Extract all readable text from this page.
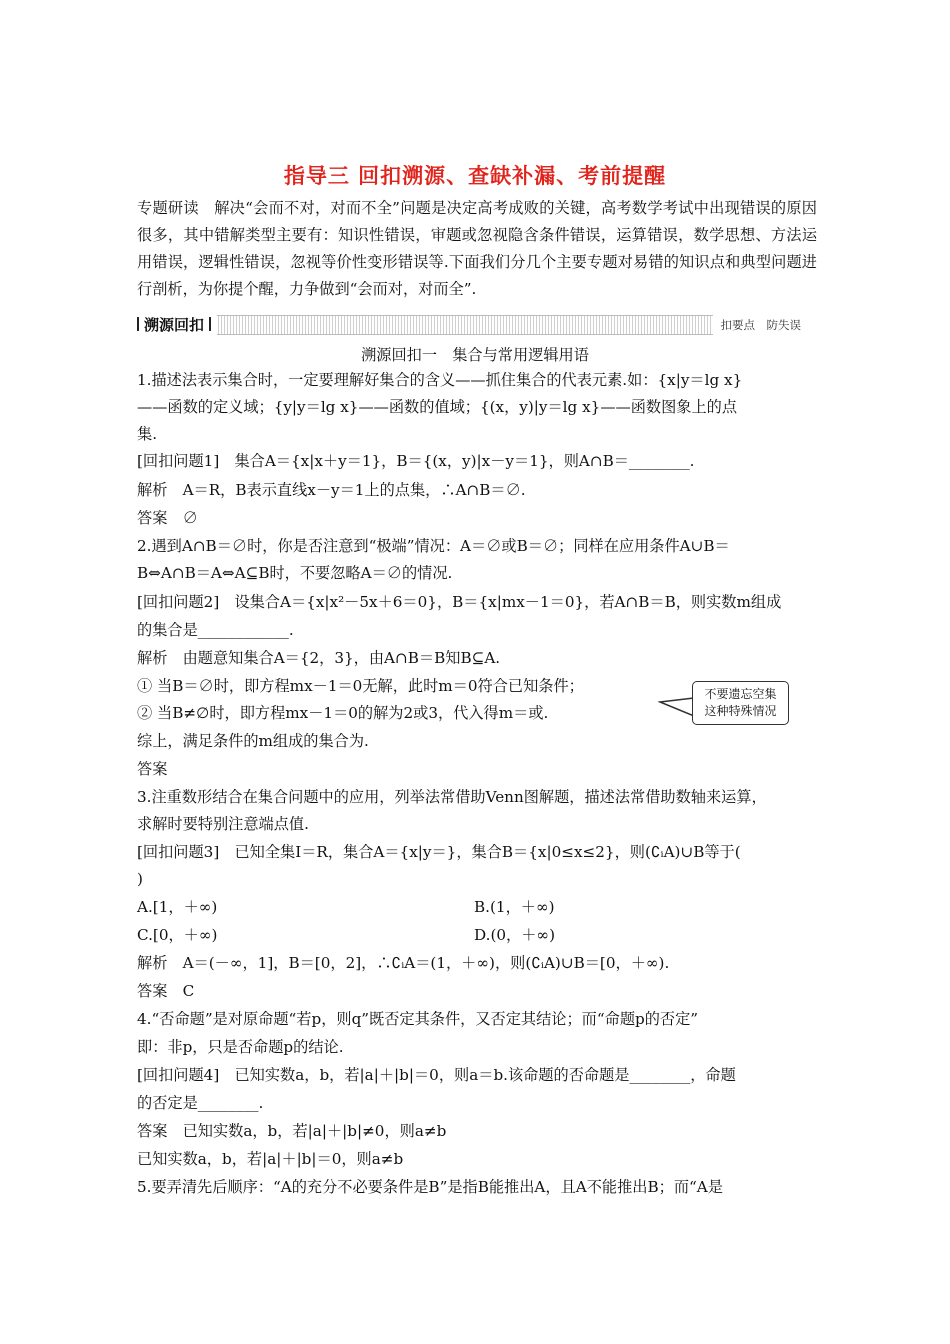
指导三 回扣溯源、查缺补漏、考前提醒
专题研读　解决“会而不对，对而不全”问题是决定高考成败的关键，高考数学考试中出现错误的原因很多，其中错解类型主要有：知识性错误，审题或忽视隐含条件错误，运算错误，数学思想、方法运用错误，逻辑性错误，忽视等价性变形错误等.下面我们分几个主要专题对易错的知识点和典型问题进行剖析，为你提个醒，力争做到“会而对，对而全”.
溯源回扣	扣要点　防失误
溯源回扣一　集合与常用逻辑用语
1.描述法表示集合时，一定要理解好集合的含义——抓住集合的代表元素.如：{x|y＝lg x}
——函数的定义域；{y|y＝lg x}——函数的值域；{(x，y)|y＝lg x}——函数图象上的点
集.
[回扣问题1]　集合A＝{x|x＋y＝1}，B＝{(x，y)|x－y＝1}，则A∩B＝________.
解析　A＝R，B表示直线x－y＝1上的点集，∴A∩B＝∅.
答案　∅
2.遇到A∩B＝∅时，你是否注意到“极端”情况：A＝∅或B＝∅；同样在应用条件A∪B＝
B⇔A∩B＝A⇔A⊆B时，不要忽略A＝∅的情况.
[回扣问题2]　设集合A＝{x|x²－5x＋6＝0}，B＝{x|mx－1＝0}，若A∩B＝B，则实数m组成
的集合是____________.
解析　由题意知集合A＝{2，3}，由A∩B＝B知B⊆A.
① 当B＝∅时，即方程mx－1＝0无解，此时m＝0符合已知条件；
② 当B≠∅时，即方程mx－1＝0的解为2或3，代入得m＝或.
综上，满足条件的m组成的集合为.
答案
3.注重数形结合在集合问题中的应用，列举法常借助Venn图解题，描述法常借助数轴来运算，
求解时要特别注意端点值.
[回扣问题3]　已知全集I＝R，集合A＝{x|y＝}，集合B＝{x|0≤x≤2}，则(∁ᵢA)∪B等于(
)
A.[1，＋∞)	B.(1，＋∞)
C.[0，＋∞)	D.(0，＋∞)
解析　A＝(－∞，1]，B＝[0，2]，∴∁ᵢA＝(1，＋∞)，则(∁ᵢA)∪B＝[0，＋∞).
答案　C
4.“否命题”是对原命题“若p，则q”既否定其条件，又否定其结论；而“命题p的否定”
即：非p，只是否命题p的结论.
[回扣问题4]　已知实数a，b，若|a|＋|b|＝0，则a＝b.该命题的否命题是________，命题
的否定是________.
答案　已知实数a，b，若|a|＋|b|≠0，则a≠b
已知实数a，b，若|a|＋|b|＝0，则a≠b
5.要弄清先后顺序：“A的充分不必要条件是B”是指B能推出A，且A不能推出B；而“A是
不要遗忘空集
这种特殊情况
